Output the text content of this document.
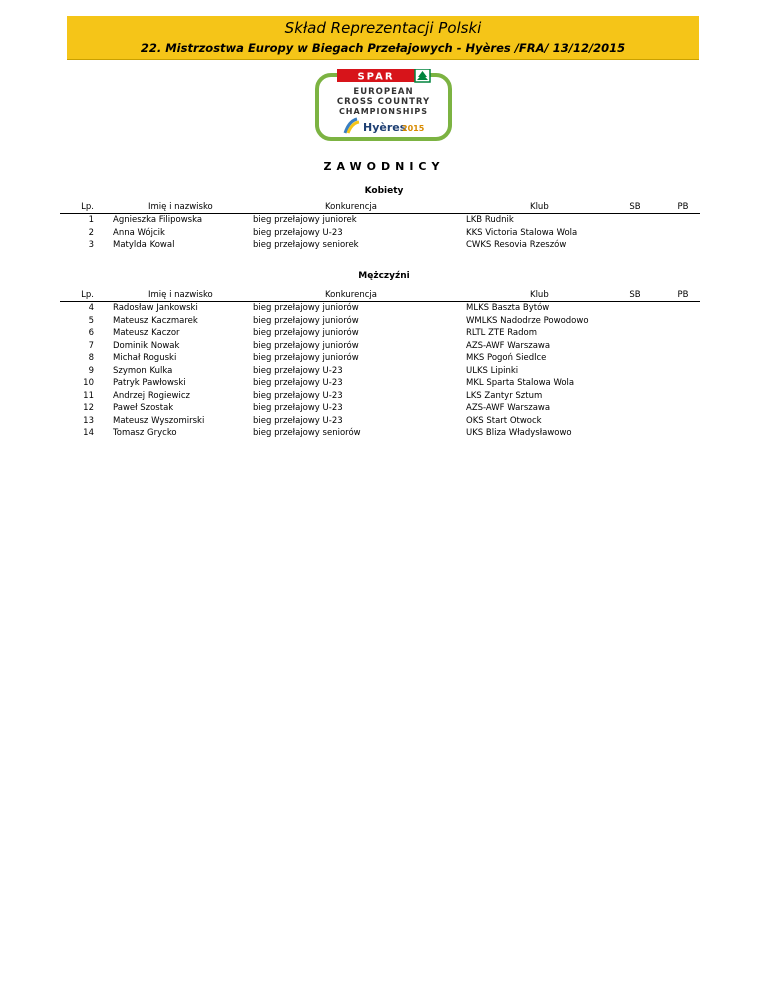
Skład Reprezentacji Polski
22. Mistrzostwa Europy w Biegach Przełajowych - Hyères /FRA/ 13/12/2015
SPAR
EUROPEAN
CROSS COUNTRY
CHAMPIONSHIPS
Hyères
2015
ZAWODNICY
Kobiety
Lp.	Imię i nazwisko	Konkurencja	Klub	SB	PB
1 Agnieszka Filipowska	bieg przełajowy juniorek	LKB Rudnik
2 Anna Wójcik	bieg przełajowy U-23	KKS Victoria Stalowa Wola
3 Matylda Kowal	bieg przełajowy seniorek	CWKS Resovia Rzeszów
Mężczyźni
Lp.	Imię i nazwisko	Konkurencja	Klub	SB	PB
4 Radosław Jankowski	bieg przełajowy juniorów	MLKS Baszta Bytów
5 Mateusz Kaczmarek	bieg przełajowy juniorów	WMLKS Nadodrze Powodowo
6 Mateusz Kaczor	bieg przełajowy juniorów	RLTL ZTE Radom
7 Dominik Nowak	bieg przełajowy juniorów	AZS-AWF Warszawa
8 Michał Roguski	bieg przełajowy juniorów	MKS Pogoń Siedlce
9 Szymon Kulka	bieg przełajowy U-23	ULKS Lipinki
10 Patryk Pawłowski	bieg przełajowy U-23	MKL Sparta Stalowa Wola
11 Andrzej Rogiewicz	bieg przełajowy U-23	LKS Zantyr Sztum
12 Paweł Szostak	bieg przełajowy U-23	AZS-AWF Warszawa
13 Mateusz Wyszomirski	bieg przełajowy U-23	OKS Start Otwock
14 Tomasz Grycko	bieg przełajowy seniorów	UKS Bliza Władysławowo
